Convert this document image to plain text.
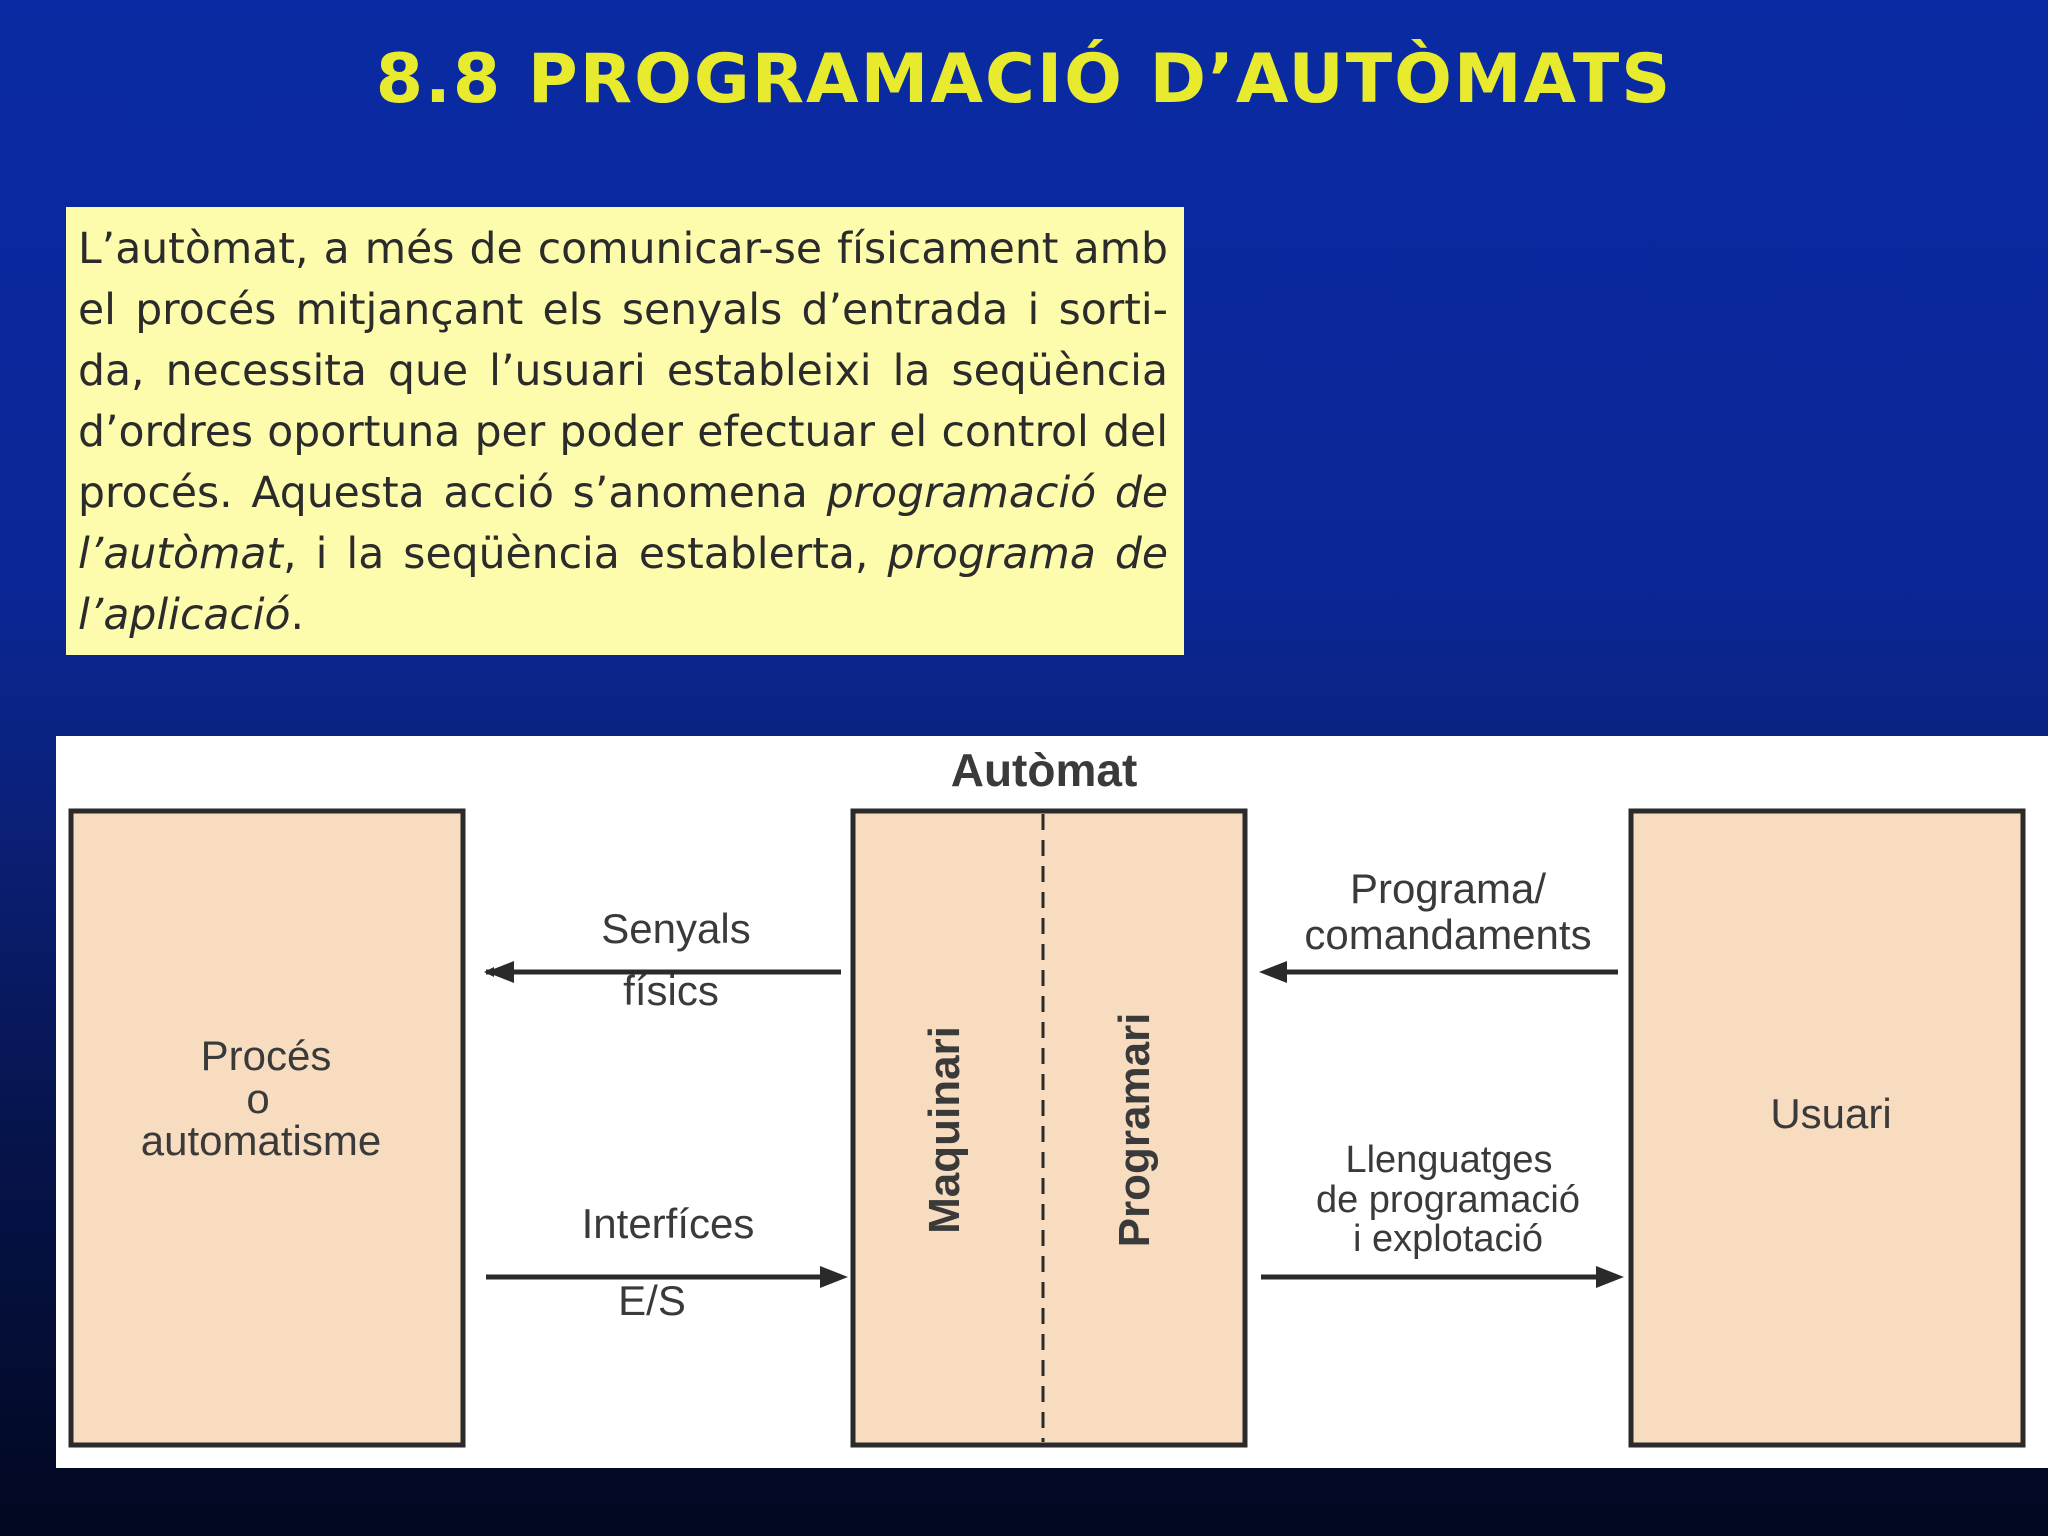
8.8 PROGRAMACIÓ D’AUTÒMATS
L’autòmat, a més de comunicar-se físicament amb
el procés mitjançant els senyals d’entrada i sorti-
da, necessita que l’usuari estableixi la seqüència
d’ordres oportuna per poder efectuar el control del
procés. Aquesta acció s’anomena programació de
l’autòmat, i la seqüència establerta, programa de
l’aplicació.
Autòmat
Procés
o
automatisme	Maquinari	Programari	Usuari
Senyals
físics
Interfíces
E/S
Programa/
comandaments
Llenguatges
de programació
i explotació
